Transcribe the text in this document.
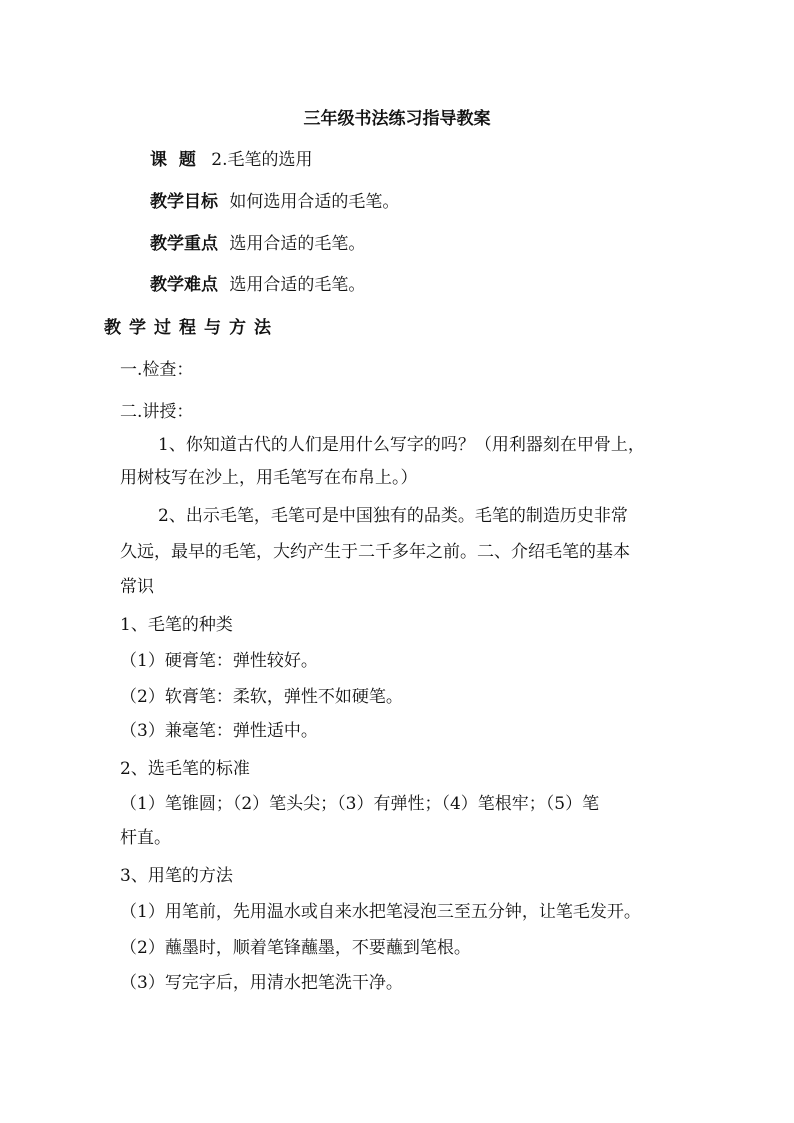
三年级书法练习指导教案
课  题 2.毛笔的选用
教学目标 如何选用合适的毛笔。
教学重点 选用合适的毛笔。
教学难点 选用合适的毛笔。
教学过程与方法
一.检查：
二.讲授：
1、你知道古代的人们是用什么写字的吗？（用利器刻在甲骨上，
用树枝写在沙上，用毛笔写在布帛上。）
2、出示毛笔，毛笔可是中国独有的品类。毛笔的制造历史非常
久远，最早的毛笔，大约产生于二千多年之前。二、介绍毛笔的基本
常识
1、毛笔的种类
（1）硬膏笔：弹性较好。
（2）软膏笔：柔软，弹性不如硬笔。
（3）兼毫笔：弹性适中。
2、选毛笔的标准
（1）笔锥圆；（2）笔头尖；（3）有弹性；（4）笔根牢；（5）笔
杆直。
3、用笔的方法
（1）用笔前，先用温水或自来水把笔浸泡三至五分钟，让笔毛发开。
（2）蘸墨时，顺着笔锋蘸墨，不要蘸到笔根。
（3）写完字后，用清水把笔洗干净。
